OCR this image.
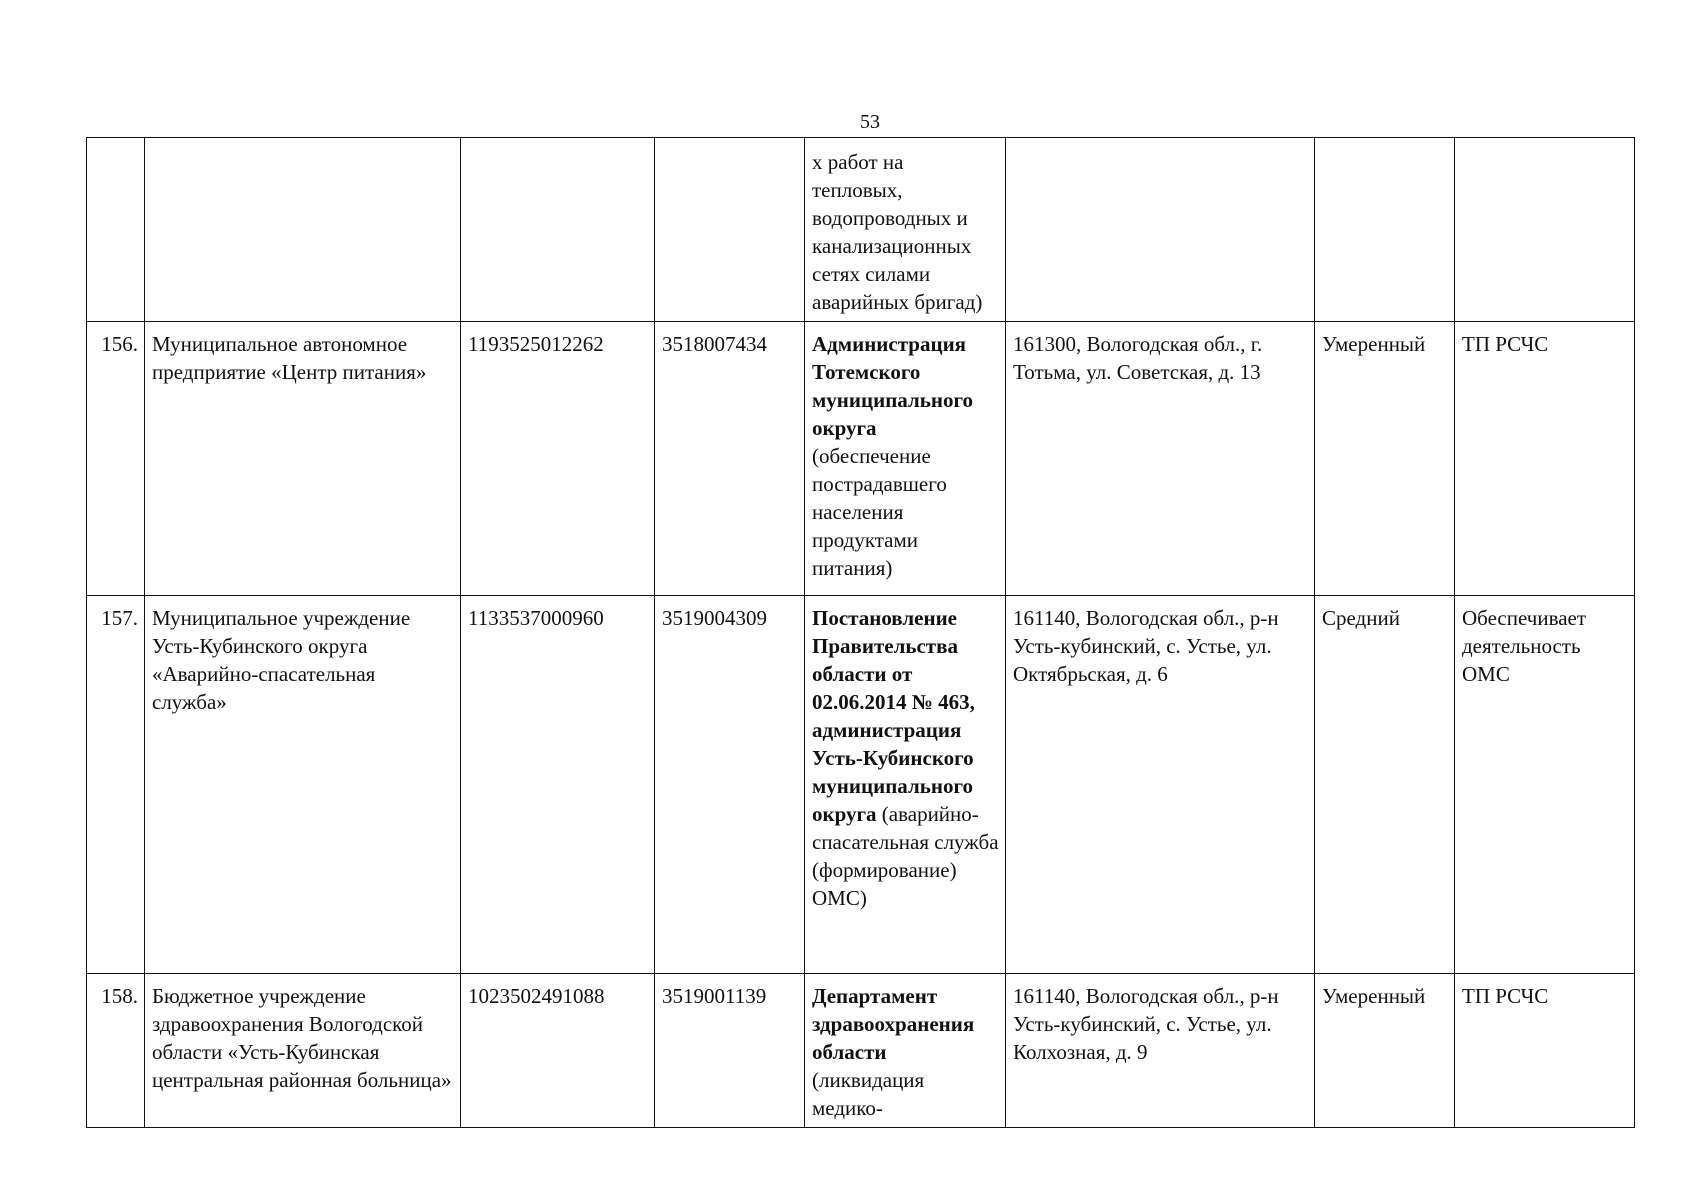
53
				х работ на тепловых, водопроводных и канализационных сетях силами аварийных бригад)			
156.	Муниципальное автономное предприятие «Центр питания»	1193525012262	3518007434	Администрация Тотемского муниципального округа (обеспечение пострадавшего населения продуктами питания)	161300, Вологодская обл., г. Тотьма, ул. Советская, д. 13	Умеренный	ТП РСЧС
157.	Муниципальное учреждение Усть-Кубинского округа «Аварийно-спасательная служба»	1133537000960	3519004309	Постановление Правительства области от 02.06.2014 № 463, администрация Усть-Кубинского муниципального округа (аварийно-спасательная служба (формирование) ОМС)	161140, Вологодская обл., р-н Усть-кубинский, с. Устье, ул. Октябрьская, д. 6	Средний	Обеспечивает деятельность ОМС
158.	Бюджетное учреждение здравоохранения Вологодской области «Усть-Кубинская центральная районная больница»	1023502491088	3519001139	Департамент здравоохранения области (ликвидация медико-	161140, Вологодская обл., р-н Усть-кубинский, с. Устье, ул. Колхозная, д. 9	Умеренный	ТП РСЧС
